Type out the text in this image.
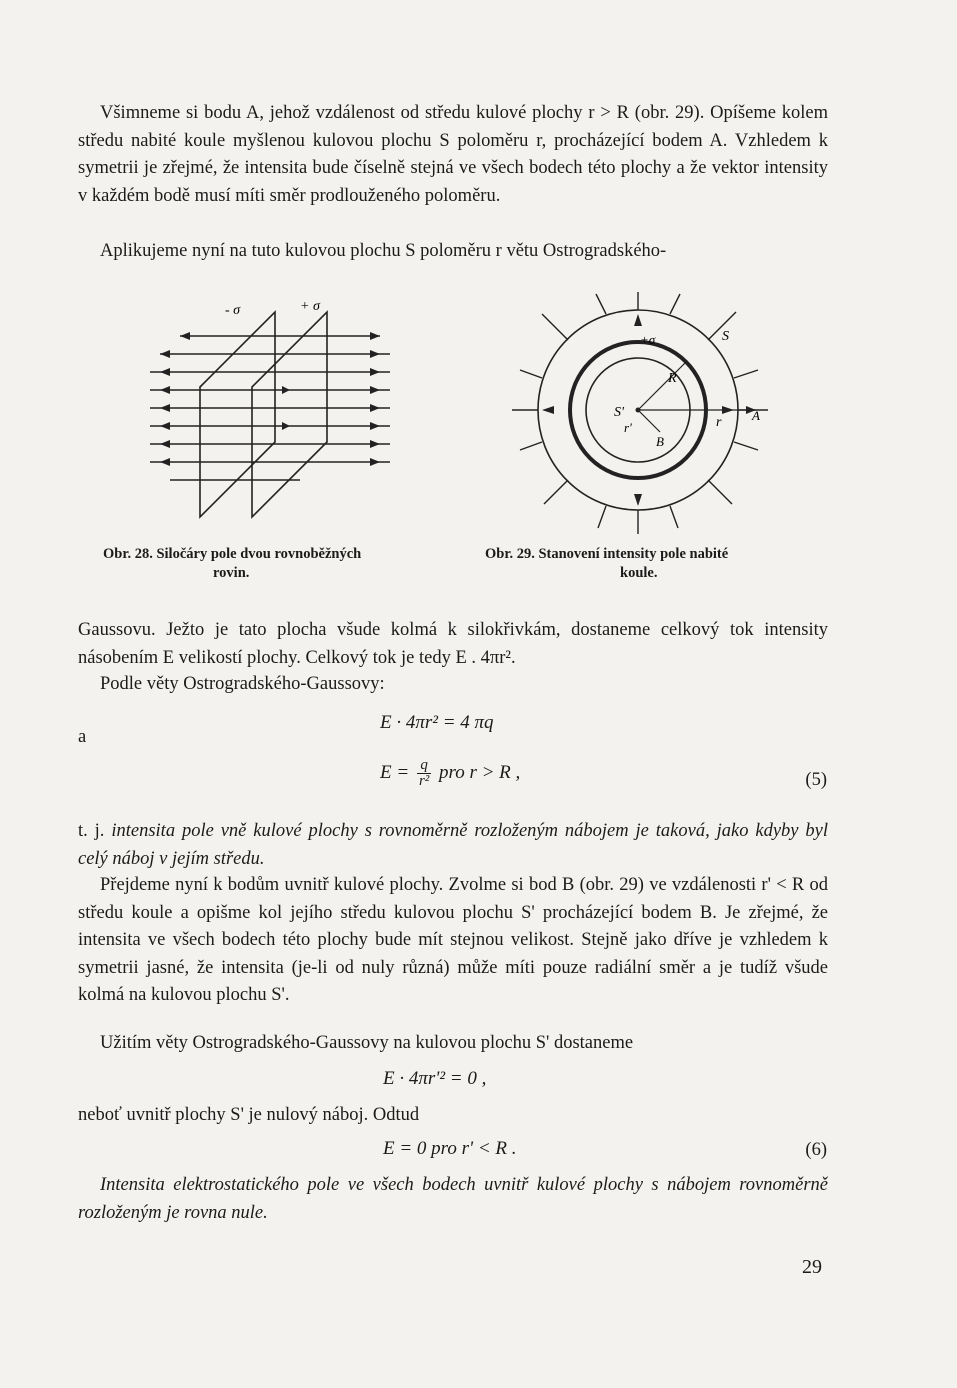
Všimneme si bodu A, jehož vzdálenost od středu kulové plochy r > R (obr. 29). Opíšeme kolem středu nabité koule myšlenou kulovou plochu S poloměru r, procházející bodem A. Vzhledem k symetrii je zřejmé, že intensita bude číselně stejná ve všech bodech této plochy a že vektor intensity v každém bodě musí míti směr prodlouženého poloměru.
Aplikujeme nyní na tuto kulovou plochu S poloměru r větu Ostrogradského-
- σ	+ σ
+σ	S
R
S'
r'	r A
B
Obr. 28. Siločáry pole dvou rovnoběžných
rovin.
Obr. 29. Stanovení intensity pole nabité
koule.
Gaussovu. Ježto je tato plocha všude kolmá k silokřivkám, dostaneme celkový tok intensity násobením E velikostí plochy. Celkový tok je tedy E . 4πr².
Podle věty Ostrogradského-Gaussovy:
E · 4πr² = 4 πq
a
$E = \frac{q}{\text{r²}}$ pro r > R ,	(5)
t. j. intensita pole vně kulové plochy s rovnoměrně rozloženým nábojem je taková, jako kdyby byl celý náboj v jejím středu.
Přejdeme nyní k bodům uvnitř kulové plochy. Zvolme si bod B (obr. 29) ve vzdálenosti r' < R od středu koule a opišme kol jejího středu kulovou plochu S' procházející bodem B. Je zřejmé, že intensita ve všech bodech této plochy bude mít stejnou velikost. Stejně jako dříve je vzhledem k symetrii jasné, že intensita (je-li od nuly různá) může míti pouze radiální směr a je tudíž všude kolmá na kulovou plochu S'.
Užitím věty Ostrogradského-Gaussovy na kulovou plochu S' dostaneme
E · 4πr'² = 0 ,
neboť uvnitř plochy S' je nulový náboj. Odtud
E = 0 pro r' < R .	(6)
Intensita elektrostatického pole ve všech bodech uvnitř kulové plochy s nábojem rovnoměrně rozloženým je rovna nule.
29
